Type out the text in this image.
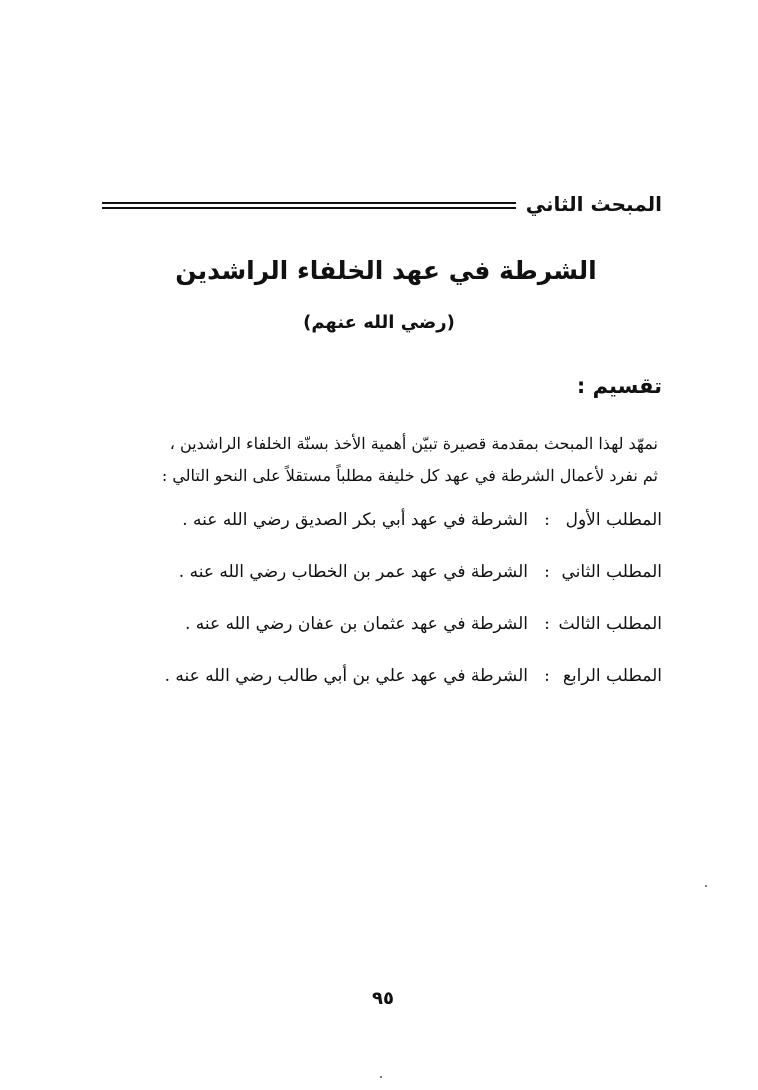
المبحث الثاني
الشرطة في عهد الخلفاء الراشدين
(رضي الله عنهم)
تقسيم :

نمهّد لهذا المبحث بمقدمة قصيرة تبيّن أهمية الأخذ بسنّة الخلفاء الراشدين ،

ثم نفرد لأعمال الشرطة في عهد كل خليفة مطلباً مستقلاً على النحو التالي :

المطلب الأول
:
الشرطة في عهد أبي بكر الصديق رضي الله عنه .
المطلب الثاني
:
الشرطة في عهد عمر بن الخطاب رضي الله عنه .
المطلب الثالث
:
الشرطة في عهد عثمان بن عفان رضي الله عنه .
المطلب الرابع
:
الشرطة في عهد علي بن أبي طالب رضي الله عنه .
٩٥
